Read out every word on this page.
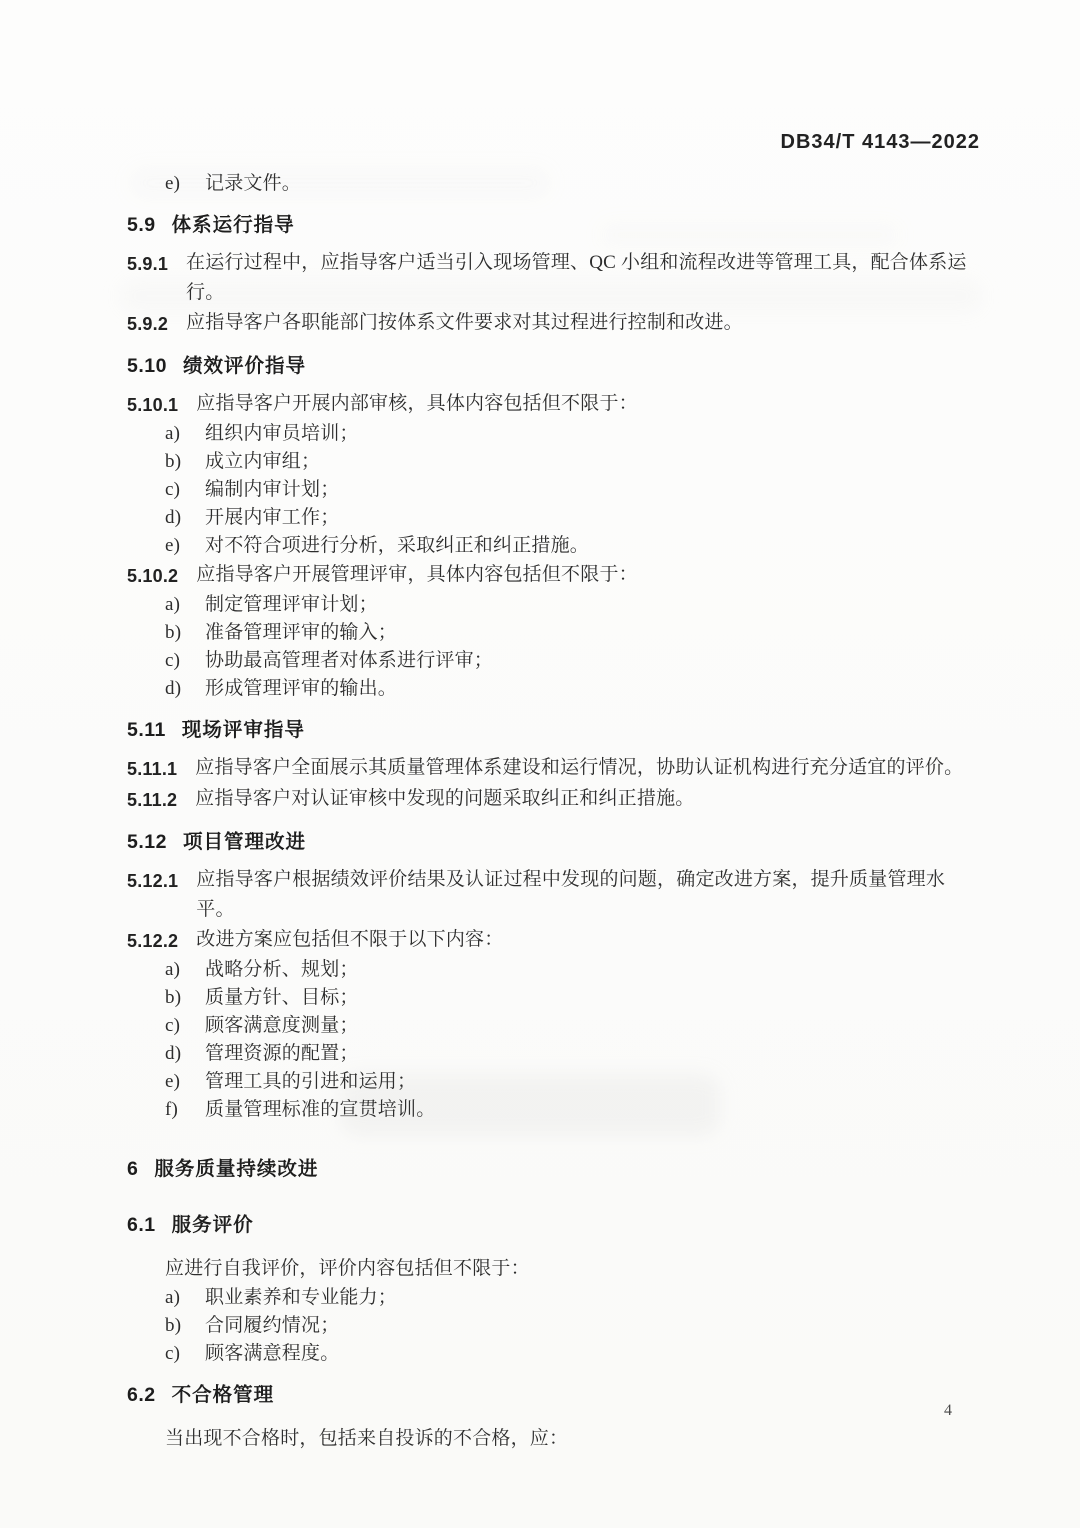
DB34/T 4143—2022
e) 记录文件。
5.9 体系运行指导
5.9.1 在运行过程中，应指导客户适当引入现场管理、QC 小组和流程改进等管理工具，配合体系运行。
5.9.2 应指导客户各职能部门按体系文件要求对其过程进行控制和改进。
5.10 绩效评价指导
5.10.1 应指导客户开展内部审核，具体内容包括但不限于：
a) 组织内审员培训；
b) 成立内审组；
c) 编制内审计划；
d) 开展内审工作；
e) 对不符合项进行分析，采取纠正和纠正措施。
5.10.2 应指导客户开展管理评审，具体内容包括但不限于：
a) 制定管理评审计划；
b) 准备管理评审的输入；
c) 协助最高管理者对体系进行评审；
d) 形成管理评审的输出。
5.11 现场评审指导
5.11.1 应指导客户全面展示其质量管理体系建设和运行情况，协助认证机构进行充分适宜的评价。
5.11.2 应指导客户对认证审核中发现的问题采取纠正和纠正措施。
5.12 项目管理改进
5.12.1 应指导客户根据绩效评价结果及认证过程中发现的问题，确定改进方案，提升质量管理水平。
5.12.2 改进方案应包括但不限于以下内容：
a) 战略分析、规划；
b) 质量方针、目标；
c) 顾客满意度测量；
d) 管理资源的配置；
e) 管理工具的引进和运用；
f) 质量管理标准的宣贯培训。
6 服务质量持续改进
6.1 服务评价
应进行自我评价，评价内容包括但不限于：
a) 职业素养和专业能力；
b) 合同履约情况；
c) 顾客满意程度。
6.2 不合格管理
当出现不合格时，包括来自投诉的不合格，应：
4
